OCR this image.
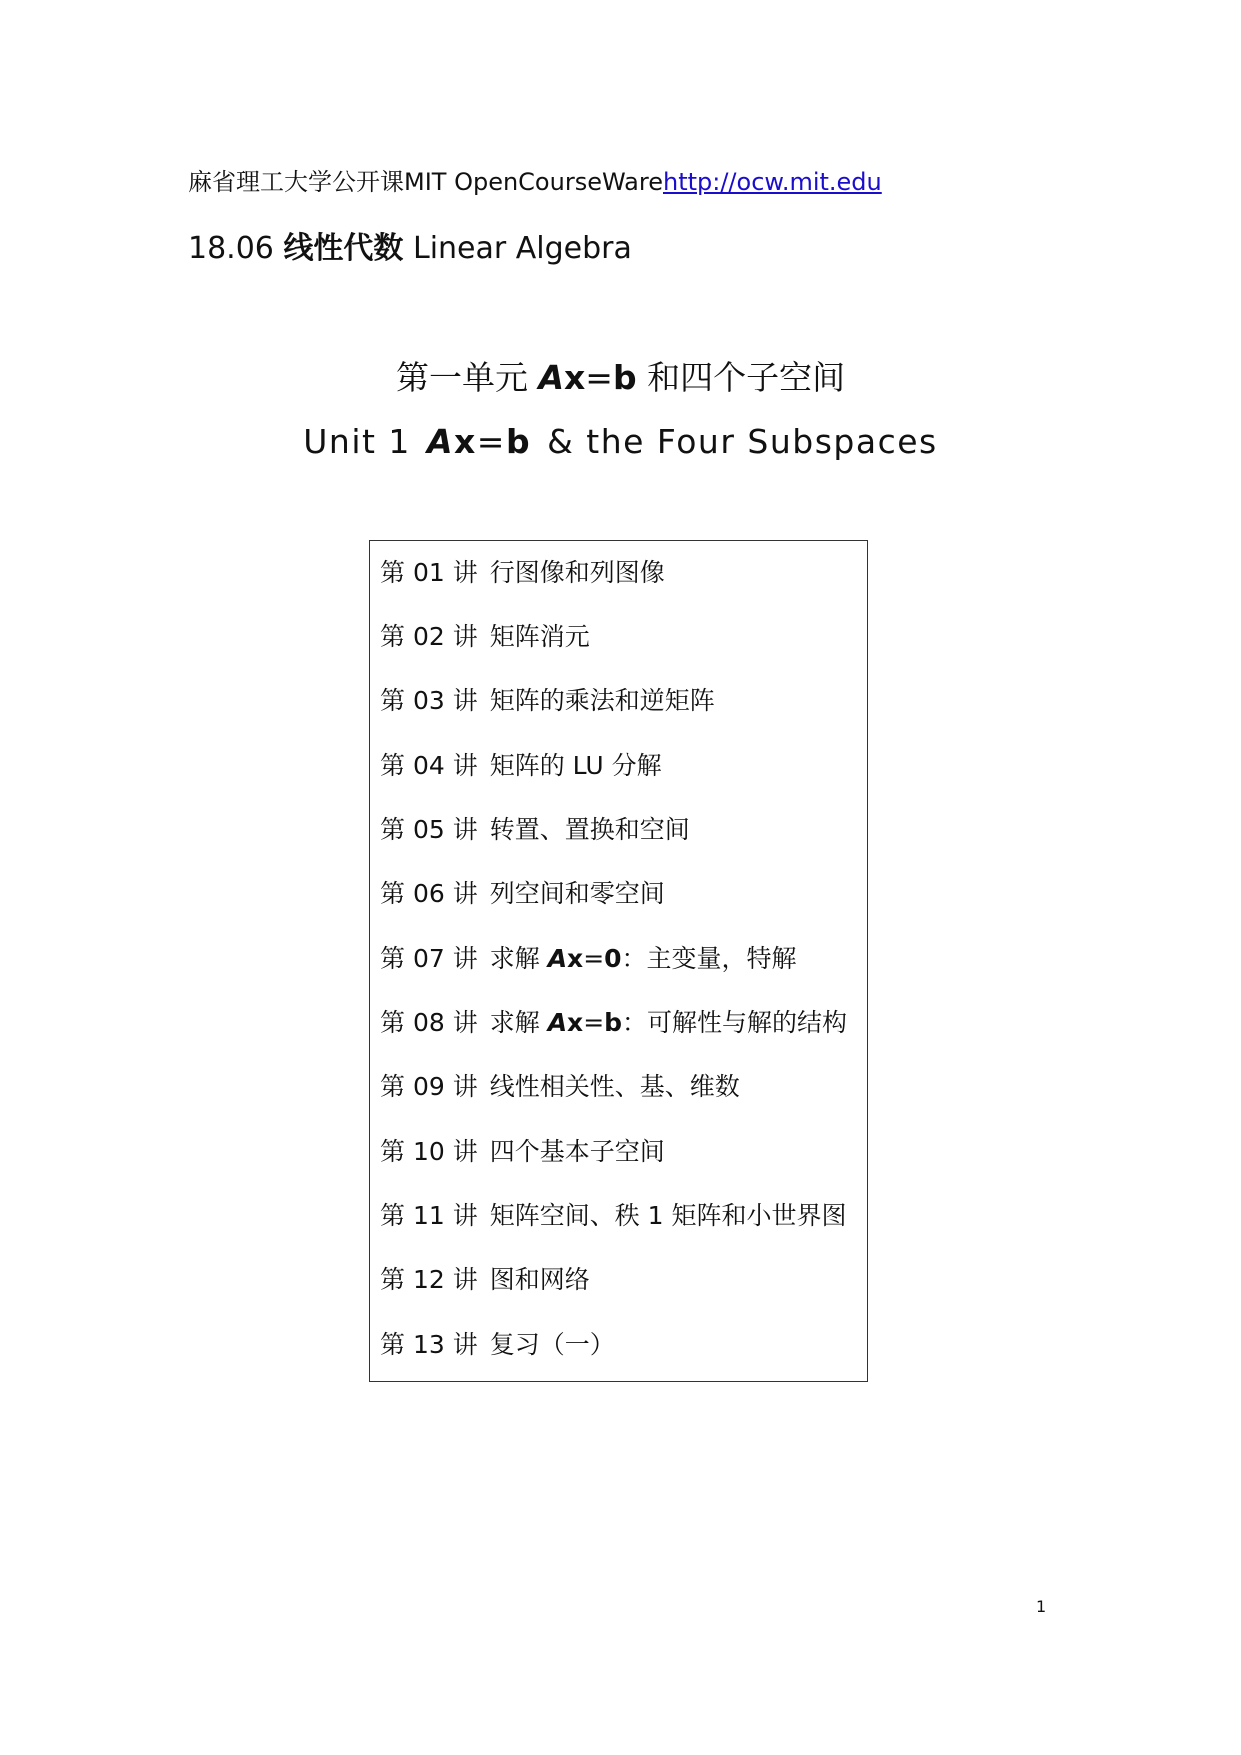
麻省理工大学公开课MIT OpenCourseWarehttp://ocw.mit.edu
18.06 线性代数 Linear Algebra
第一单元 Ax=b 和四个子空间
Unit 1 Ax=b & the Four Subspaces
第 01 讲 行图像和列图像
第 02 讲 矩阵消元
第 03 讲 矩阵的乘法和逆矩阵
第 04 讲 矩阵的 LU 分解
第 05 讲 转置、置换和空间
第 06 讲 列空间和零空间
第 07 讲 求解 Ax=0：主变量，特解
第 08 讲 求解 Ax=b：可解性与解的结构
第 09 讲 线性相关性、基、维数
第 10 讲 四个基本子空间
第 11 讲 矩阵空间、秩 1 矩阵和小世界图
第 12 讲 图和网络
第 13 讲 复习（一）
1
